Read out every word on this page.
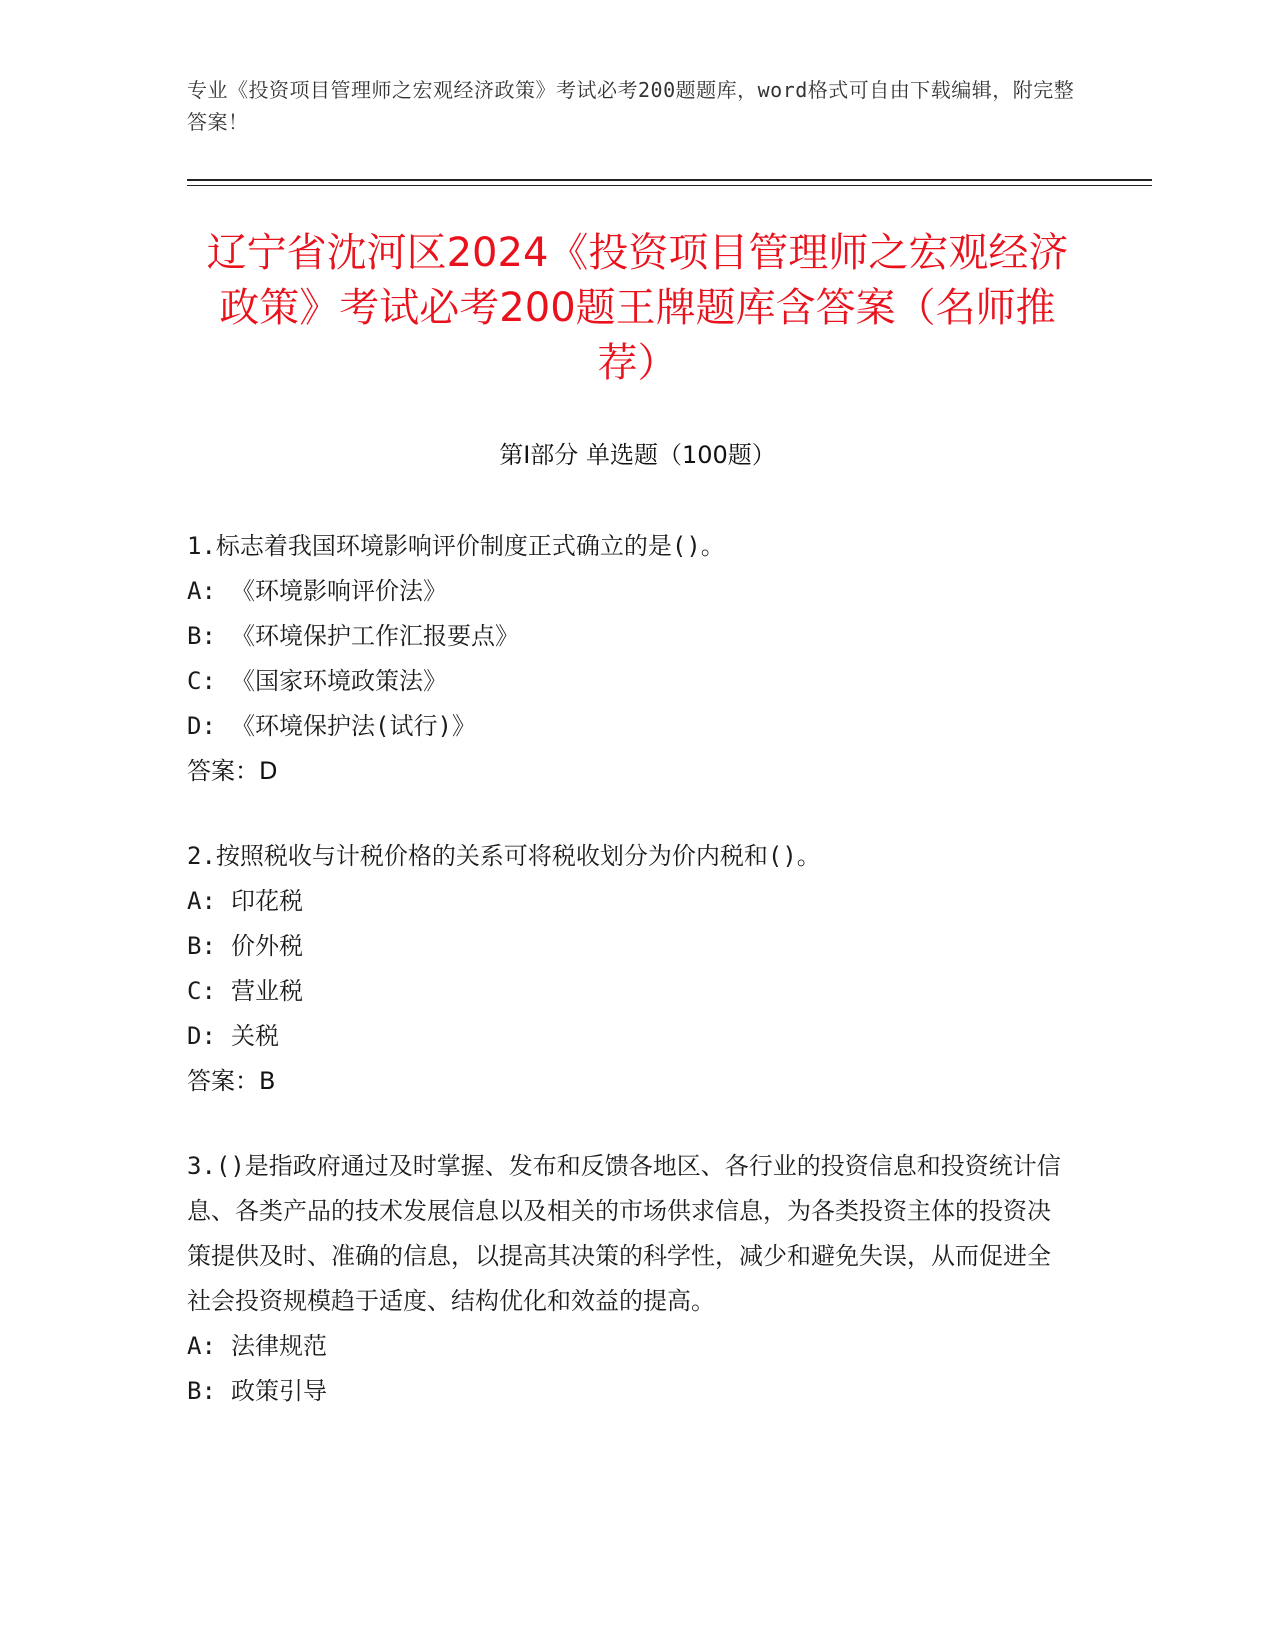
专业《投资项目管理师之宏观经济政策》考试必考200题题库，word格式可自由下载编辑，附完整答案！
辽宁省沈河区2024《投资项目管理师之宏观经济政策》考试必考200题王牌题库含答案（名师推荐）
第Ⅰ部分 单选题（100题）

1.标志着我国环境影响评价制度正式确立的是()。

A: 《环境影响评价法》

B: 《环境保护工作汇报要点》

C: 《国家环境政策法》

D: 《环境保护法(试行)》

答案：D

2.按照税收与计税价格的关系可将税收划分为价内税和()。

A: 印花税

B: 价外税

C: 营业税

D: 关税

答案：B

3.()是指政府通过及时掌握、发布和反馈各地区、各行业的投资信息和投资统计信息、各类产品的技术发展信息以及相关的市场供求信息，为各类投资主体的投资决策提供及时、准确的信息，以提高其决策的科学性，减少和避免失误，从而促进全社会投资规模趋于适度、结构优化和效益的提高。

A: 法律规范

B: 政策引导
